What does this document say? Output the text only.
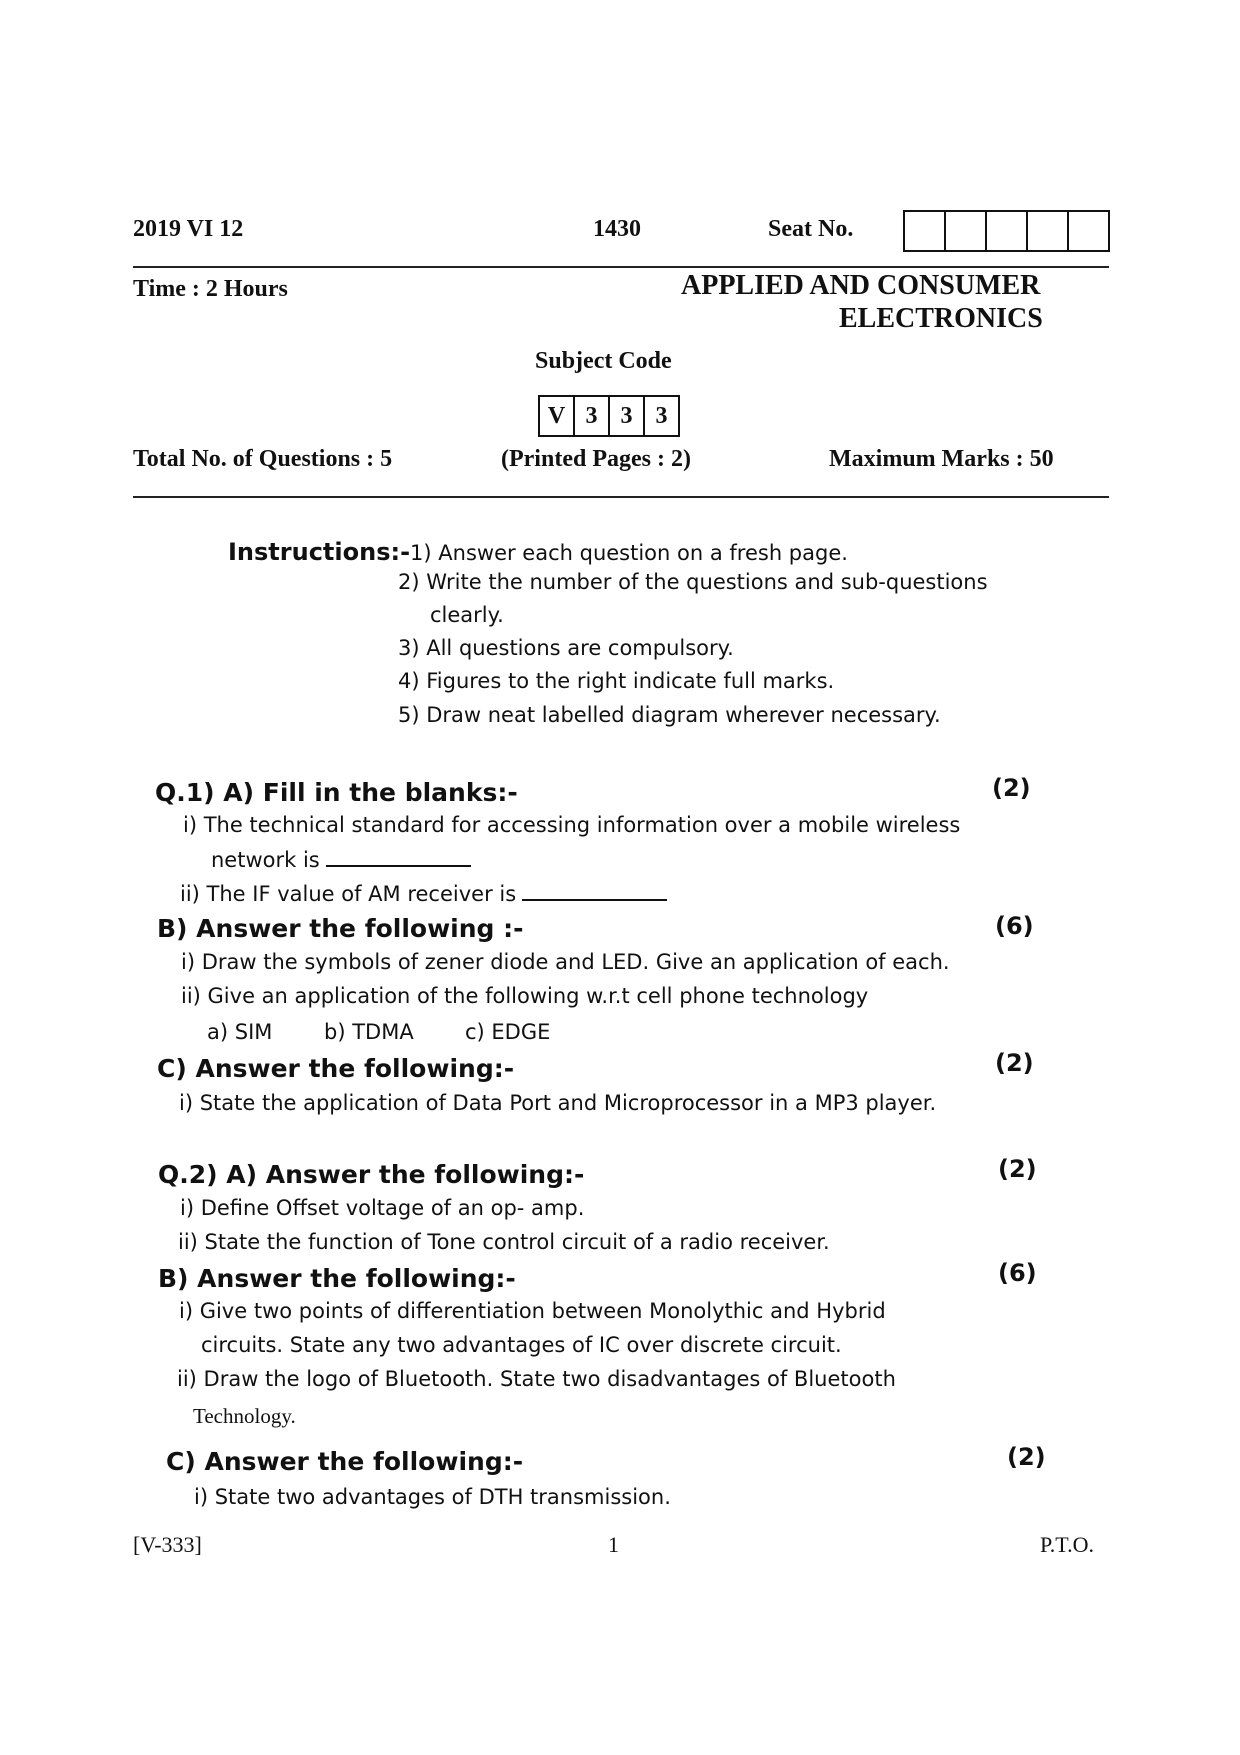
2019 VI 12	1430	Seat No.
Time : 2 Hours	APPLIED AND CONSUMER
ELECTRONICS
Subject Code
V 3 3 3
Total No. of Questions : 5	(Printed Pages : 2)	Maximum Marks : 50
Instructions:-1) Answer each question on a fresh page.
2) Write the number of the questions and sub-questions
clearly.
3) All questions are compulsory.
4) Figures to the right indicate full marks.
5) Draw neat labelled diagram wherever necessary.
Q.1) A) Fill in the blanks:-	(2)
i) The technical standard for accessing information over a mobile wireless
network is
ii) The IF value of AM receiver is
B) Answer the following :-	(6)
i) Draw the symbols of zener diode and LED. Give an application of each.
ii) Give an application of the following w.r.t cell phone technology
a) SIM b) TDMA c) EDGE
C) Answer the following:-	(2)
i) State the application of Data Port and Microprocessor in a MP3 player.
Q.2) A) Answer the following:-	(2)
i) Define Offset voltage of an op- amp.
ii) State the function of Tone control circuit of a radio receiver.
B) Answer the following:-	(6)
i) Give two points of differentiation between Monolythic and Hybrid
circuits. State any two advantages of IC over discrete circuit.
ii) Draw the logo of Bluetooth. State two disadvantages of Bluetooth
Technology.
C) Answer the following:-	(2)
i) State two advantages of DTH transmission.
[V-333]	1	P.T.O.
